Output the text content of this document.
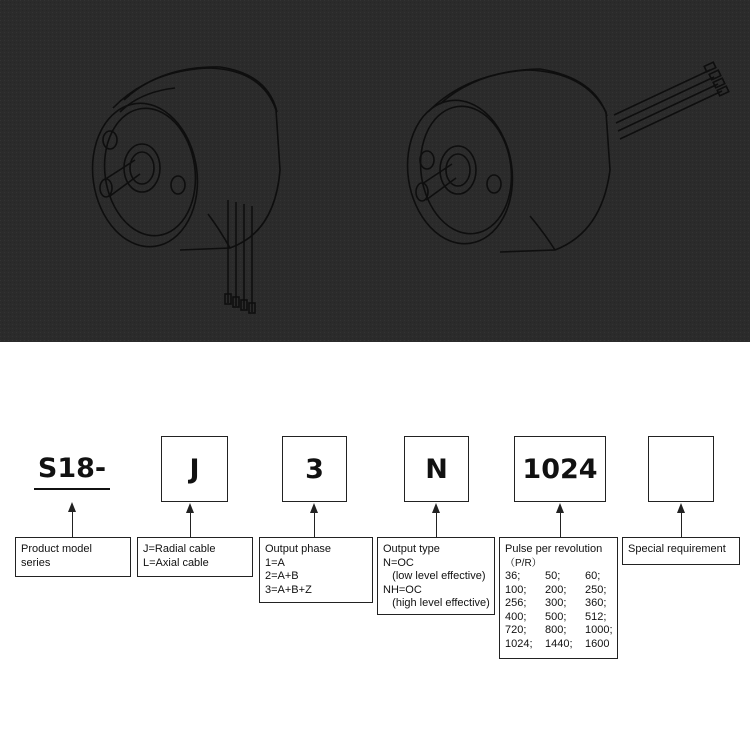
S18-	J	3	N	1024
Product model
series
J=Radial cable
L=Axial cable
Output phase
1=A
2=A+B
3=A+B+Z
Output type
N=OC
(low level effective)
NH=OC
(high level effective)
Pulse per revolution
（P/R）
36;	50;	60;
100;	200;	250;
256;	300;	360;
400;	500;	512;
720;	800;	1000;
1024;	1440;	1600
Special requirement
